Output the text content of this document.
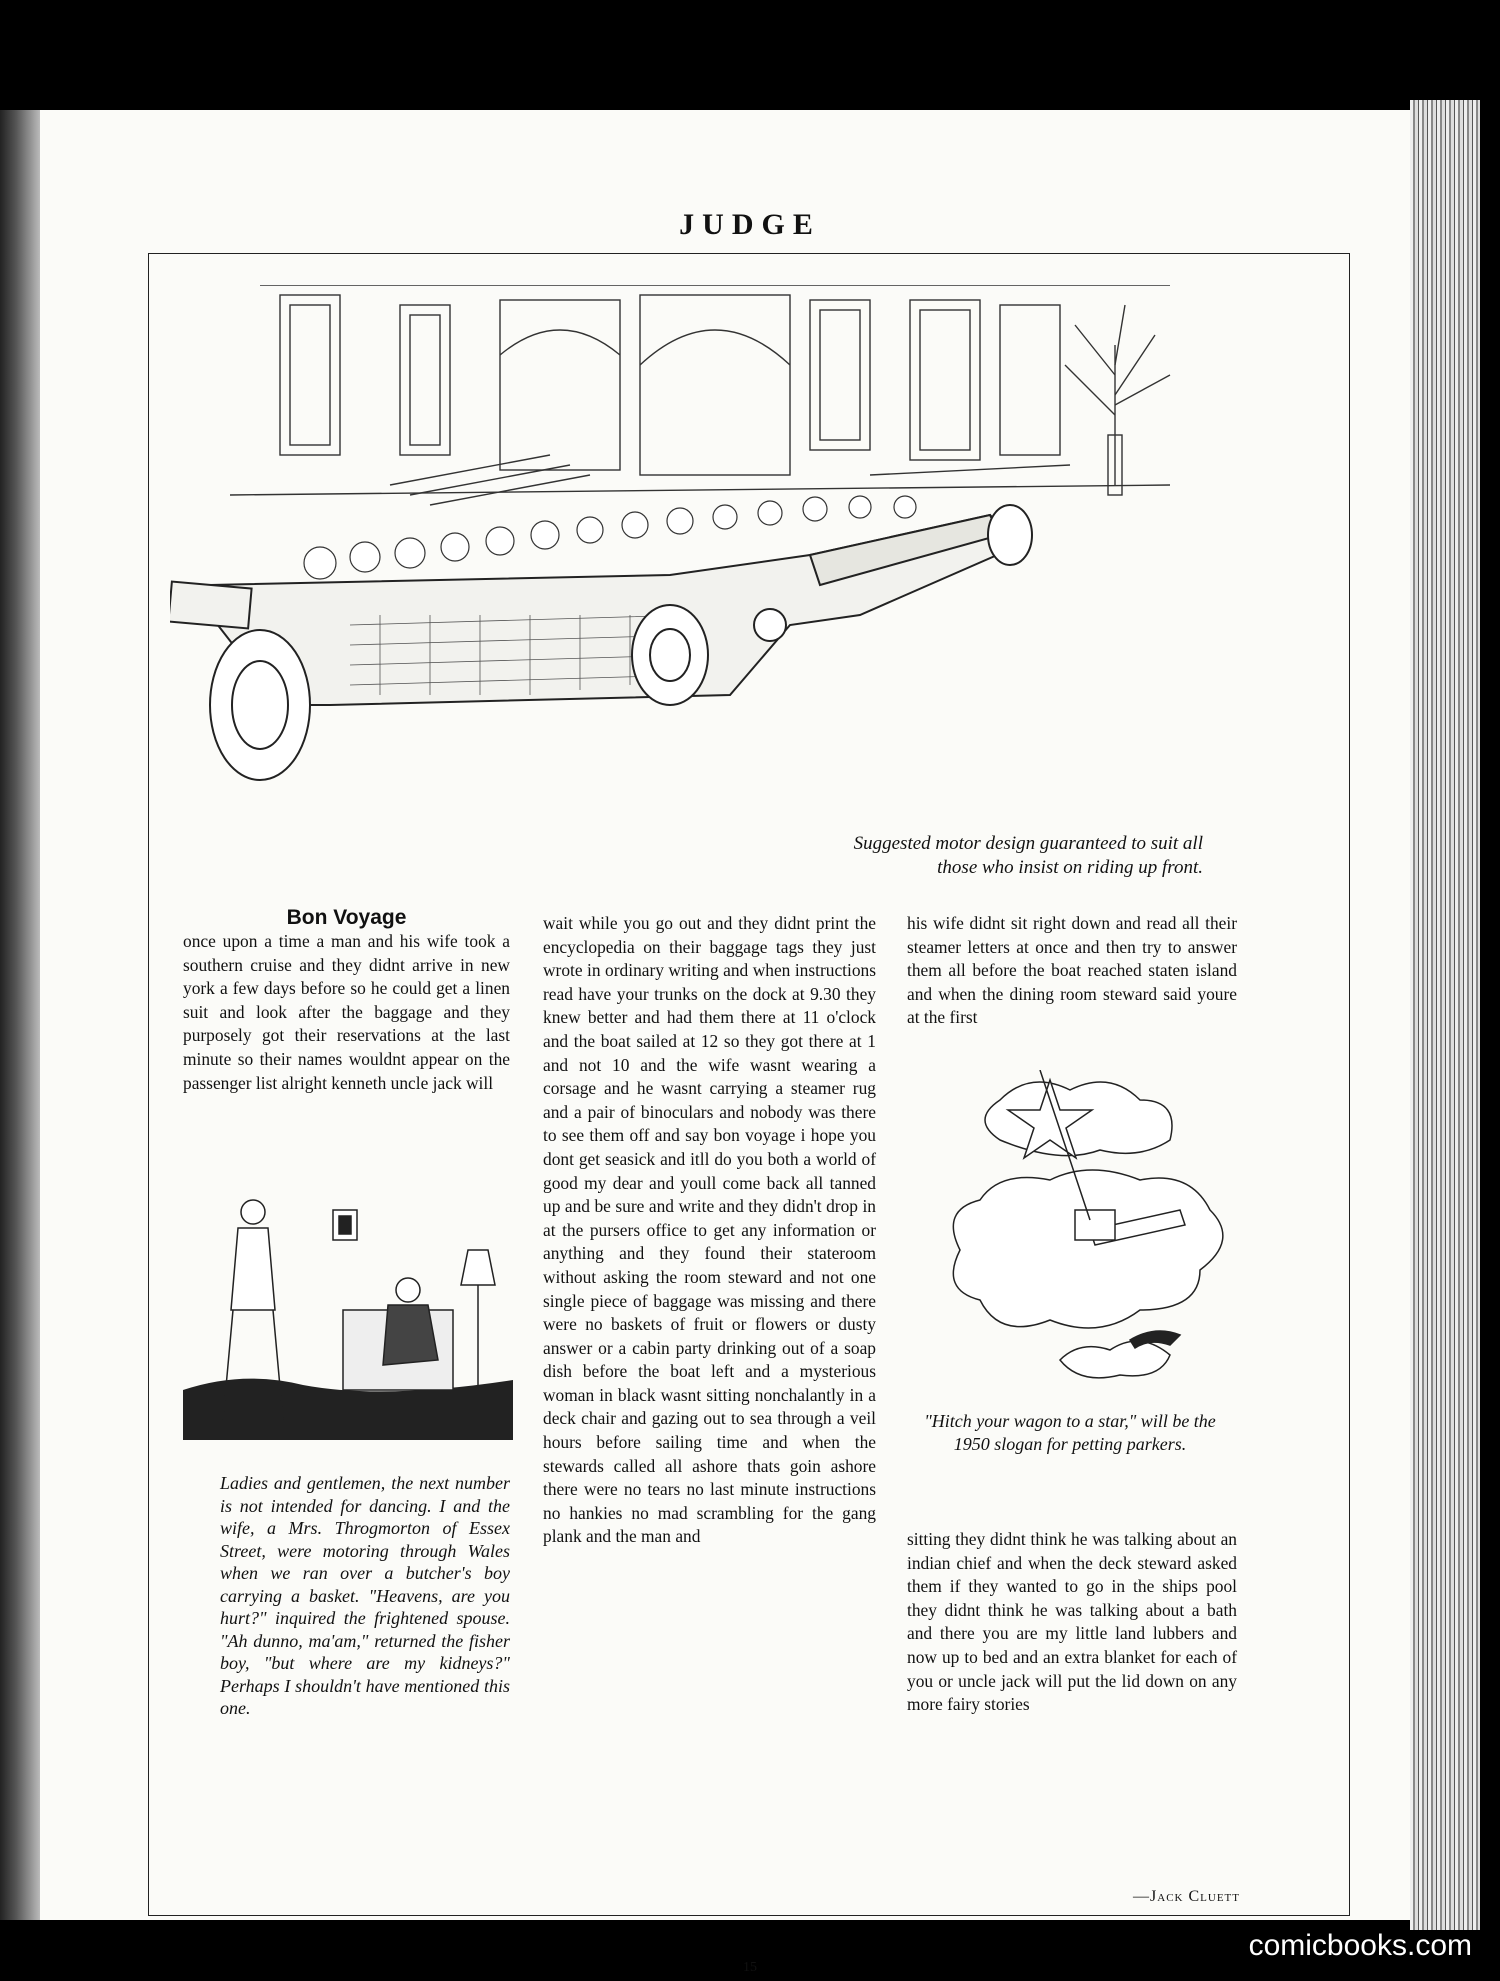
JUDGE
Suggested motor design guaranteed to suit all
those who insist on riding up front.
Bon Voyage
once upon a time a man and his wife took a southern cruise and they didnt arrive in new york a few days before so he could get a linen suit and look after the baggage and they purposely got their reservations at the last minute so their names wouldnt appear on the passenger list alright kenneth uncle jack will
Ladies and gentlemen, the next number is not intended for dancing. I and the wife, a Mrs. Throgmorton of Essex Street, were motoring through Wales when we ran over a butcher's boy carrying a basket. "Heavens, are you hurt?" inquired the frightened spouse. "Ah dunno, ma'am," returned the fisher boy, "but where are my kidneys?" Perhaps I shouldn't have mentioned this one.
wait while you go out and they didnt print the encyclopedia on their baggage tags they just wrote in ordinary writing and when instructions read have your trunks on the dock at 9.30 they knew better and had them there at 11 o'clock and the boat sailed at 12 so they got there at 1 and not 10 and the wife wasnt wearing a corsage and he wasnt carrying a steamer rug and a pair of binoculars and nobody was there to see them off and say bon voyage i hope you dont get seasick and itll do you both a world of good my dear and youll come back all tanned up and be sure and write and they didn't drop in at the pursers office to get any information or anything and they found their stateroom without asking the room steward and not one single piece of baggage was missing and there were no baskets of fruit or flowers or dusty answer or a cabin party drinking out of a soap dish before the boat left and a mysterious woman in black wasnt sitting nonchalantly in a deck chair and gazing out to sea through a veil hours before sailing time and when the stewards called all ashore thats goin ashore there were no tears no last minute instructions no hankies no mad scrambling for the gang plank and the man and
his wife didnt sit right down and read all their steamer letters at once and then try to answer them all before the boat reached staten island and when the dining room steward said youre at the first
"Hitch your wagon to a star," will be the 1950 slogan for petting parkers.
sitting they didnt think he was talking about an indian chief and when the deck steward asked them if they wanted to go in the ships pool they didnt think he was talking about a bath and there you are my little land lubbers and now up to bed and an extra blanket for each of you or uncle jack will put the lid down on any more fairy stories
—Jack Cluett
15
comicbooks.com
